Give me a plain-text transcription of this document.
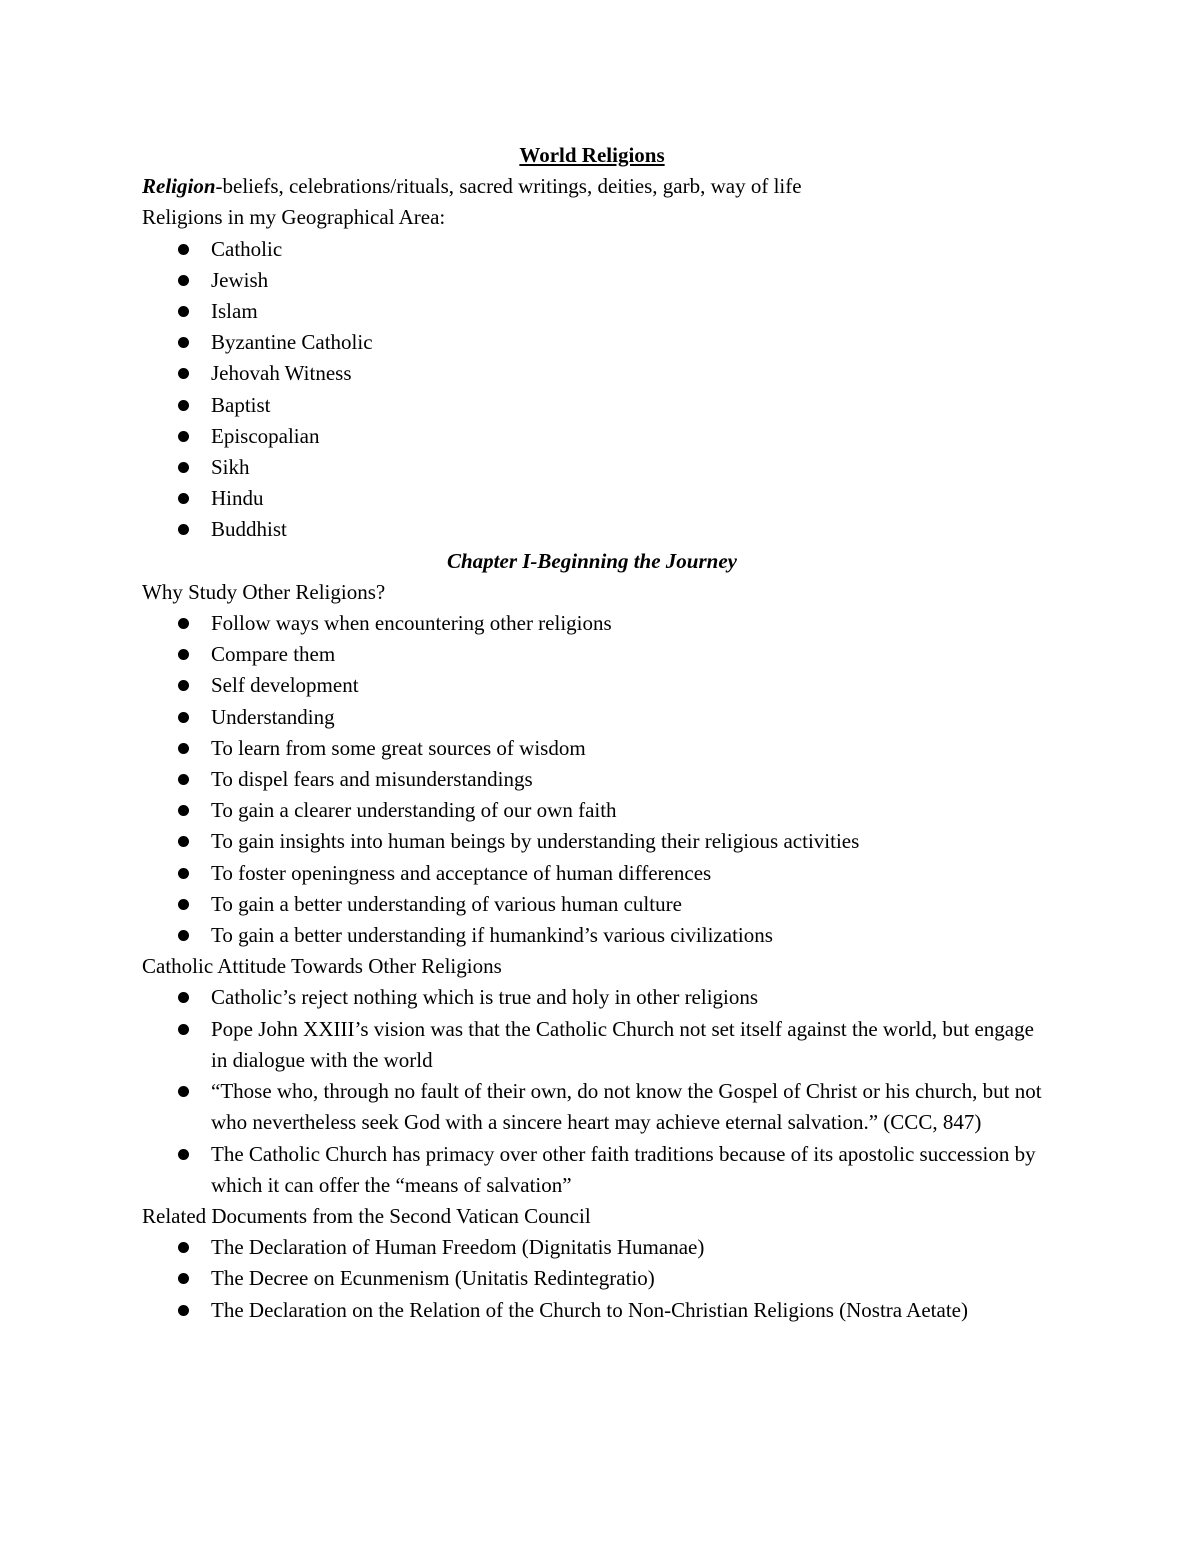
World Religions

Religion-beliefs, celebrations/rituals, sacred writings, deities, garb, way of life

Religions in my Geographical Area:

Catholic
Jewish
Islam
Byzantine Catholic
Jehovah Witness
Baptist
Episcopalian
Sikh
Hindu
Buddhist

Chapter I-Beginning the Journey

Why Study Other Religions?

Follow ways when encountering other religions
Compare them
Self development
Understanding
To learn from some great sources of wisdom
To dispel fears and misunderstandings
To gain a clearer understanding of our own faith
To gain insights into human beings by understanding their religious activities
To foster openingness and acceptance of human differences
To gain a better understanding of various human culture
To gain a better understanding if humankind’s various civilizations

Catholic Attitude Towards Other Religions

Catholic’s reject nothing which is true and holy in other religions
Pope John XXIII’s vision was that the Catholic Church not set itself against the world, but engage in dialogue with the world
“Those who, through no fault of their own, do not know the Gospel of Christ or his church, but not who nevertheless seek God with a sincere heart may achieve eternal salvation.” (CCC, 847)
The Catholic Church has primacy over other faith traditions because of its apostolic succession by which it can offer the “means of salvation”

Related Documents from the Second Vatican Council

The Declaration of Human Freedom (Dignitatis Humanae)
The Decree on Ecunmenism (Unitatis Redintegratio)
The Declaration on the Relation of the Church to Non-Christian Religions (Nostra Aetate)
